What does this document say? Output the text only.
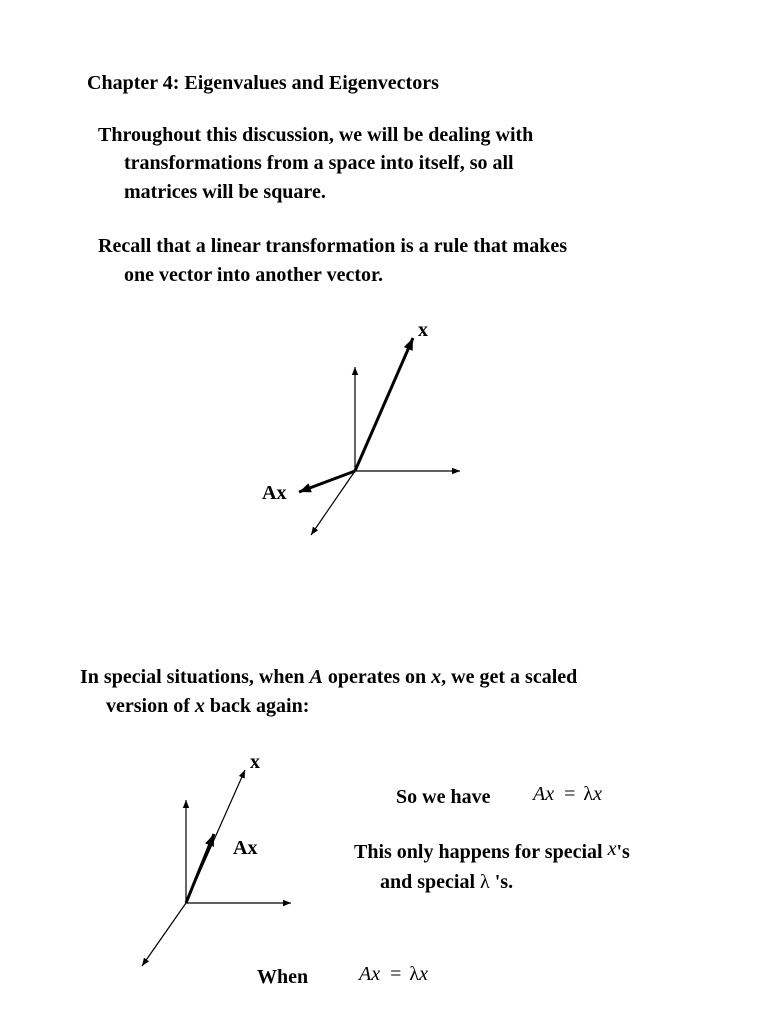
Chapter 4: Eigenvalues and Eigenvectors
Throughout this discussion, we will be dealing with
transformations from a space into itself, so all
matrices will be square.
Recall that a linear transformation is a rule that makes
one vector into another vector.
x
Ax
In special situations, when A operates on x, we get a scaled
version of x back again:
x
Ax
So we have Ax = λx
This only happens for special x's
and special λ 's.
When	Ax = λx
